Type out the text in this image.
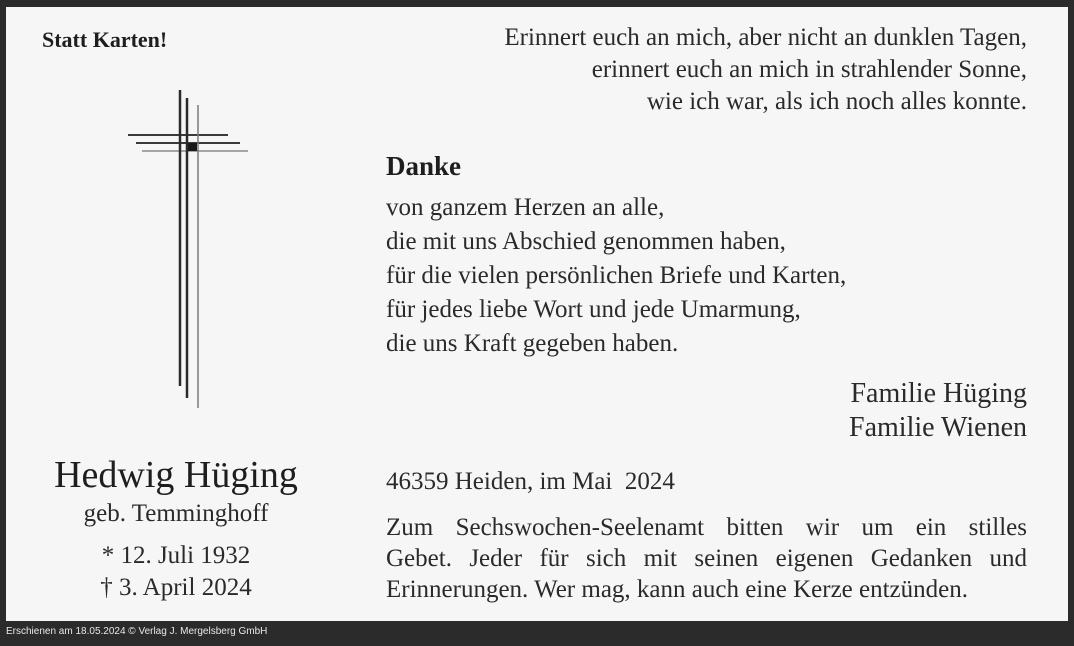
Statt Karten!	Erinnert euch an mich, aber nicht an dunklen Tagen,
erinnert euch an mich in strahlender Sonne,
wie ich war, als ich noch alles konnte.
Danke
von ganzem Herzen an alle,
die mit uns Abschied genommen haben,
für die vielen persönlichen Briefe und Karten,
für jedes liebe Wort und jede Umarmung,
die uns Kraft gegeben haben.
Familie Hüging
Familie Wienen
46359 Heiden, im Mai  2024
Zum Sechswochen-Seelenamt bitten wir um ein stilles
Gebet. Jeder für sich mit seinen eigenen Gedanken und
Erinnerungen. Wer mag, kann auch eine Kerze entzünden.
Hedwig Hüging
geb. Temminghoff
* 12. Juli 1932
† 3. April 2024
Erschienen am 18.05.2024 © Verlag J. Mergelsberg GmbH
